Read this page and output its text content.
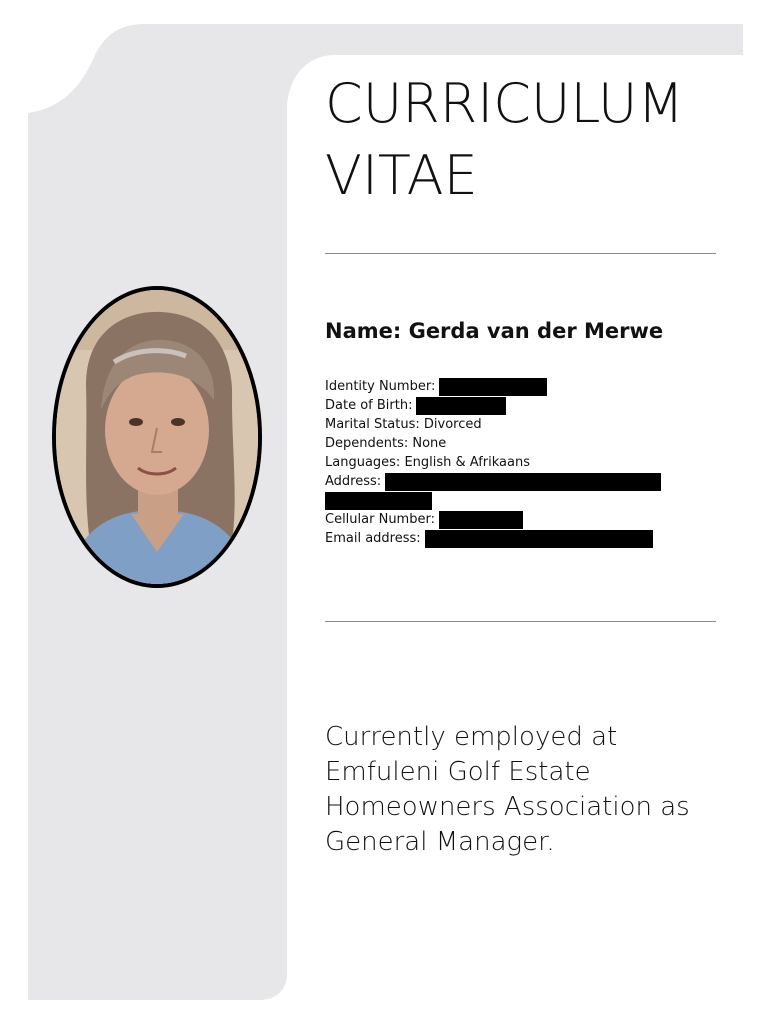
CURRICULUM
VITAE
Name: Gerda van der Merwe
Identity Number:
Date of Birth:
Marital Status: Divorced
Dependents: None
Languages: English & Afrikaans
Address:
Cellular Number:
Email address:
Currently employed at Emfuleni Golf Estate Homeowners Association as General Manager.
